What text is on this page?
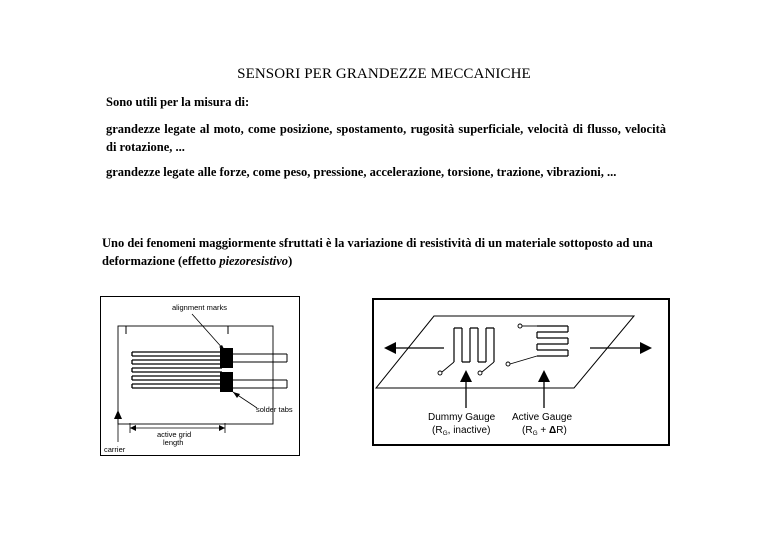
SENSORI PER GRANDEZZE MECCANICHE
Sono utili per la misura di:
grandezze legate al moto, come posizione, spostamento, rugosità superficiale, velocità di flusso, velocità di rotazione, ...
grandezze legate alle forze, come peso, pressione, accelerazione, torsione, trazione, vibrazioni, ...
Uno dei fenomeni maggiormente sfruttati è la variazione di resistività di un materiale sottoposto ad una deformazione (effetto piezoresistivo)
alignment marks
solder tabs
active grid
length
carrier
Dummy Gauge
($R_G$, inactive)
Active Gauge
$(R_G + \Delta R)$
